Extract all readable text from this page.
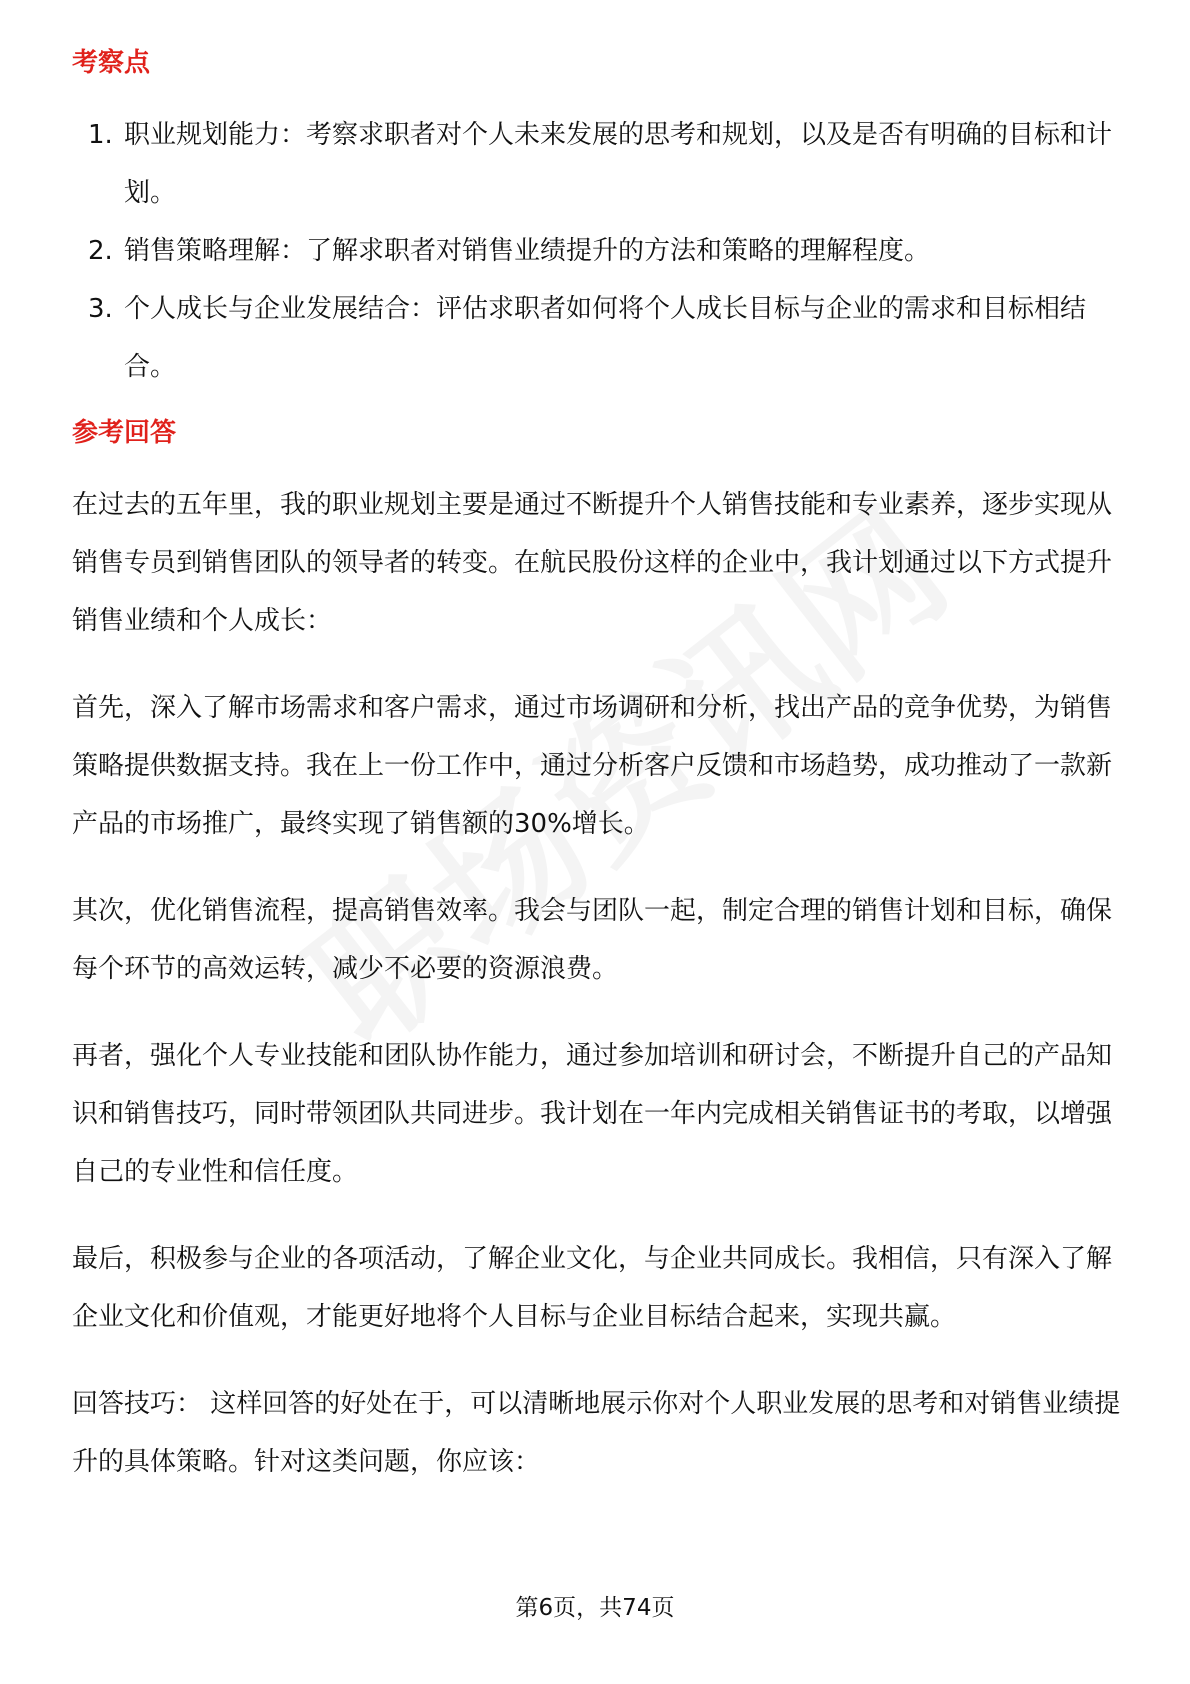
考察点
1. 职业规划能力：考察求职者对个人未来发展的思考和规划，以及是否有明确的目标和计划。
2. 销售策略理解：了解求职者对销售业绩提升的方法和策略的理解程度。
3. 个人成长与企业发展结合：评估求职者如何将个人成长目标与企业的需求和目标相结合。
参考回答

在过去的五年里，我的职业规划主要是通过不断提升个人销售技能和专业素养，逐步实现从销售专员到销售团队的领导者的转变。在航民股份这样的企业中，我计划通过以下方式提升销售业绩和个人成长：

首先，深入了解市场需求和客户需求，通过市场调研和分析，找出产品的竞争优势，为销售策略提供数据支持。我在上一份工作中，通过分析客户反馈和市场趋势，成功推动了一款新产品的市场推广，最终实现了销售额的30%增长。

其次，优化销售流程，提高销售效率。我会与团队一起，制定合理的销售计划和目标，确保每个环节的高效运转，减少不必要的资源浪费。

再者，强化个人专业技能和团队协作能力，通过参加培训和研讨会，不断提升自己的产品知识和销售技巧，同时带领团队共同进步。我计划在一年内完成相关销售证书的考取，以增强自己的专业性和信任度。

最后，积极参与企业的各项活动，了解企业文化，与企业共同成长。我相信，只有深入了解企业文化和价值观，才能更好地将个人目标与企业目标结合起来，实现共赢。

回答技巧： 这样回答的好处在于，可以清晰地展示你对个人职业发展的思考和对销售业绩提升的具体策略。针对这类问题，你应该：

第6页，共74页
